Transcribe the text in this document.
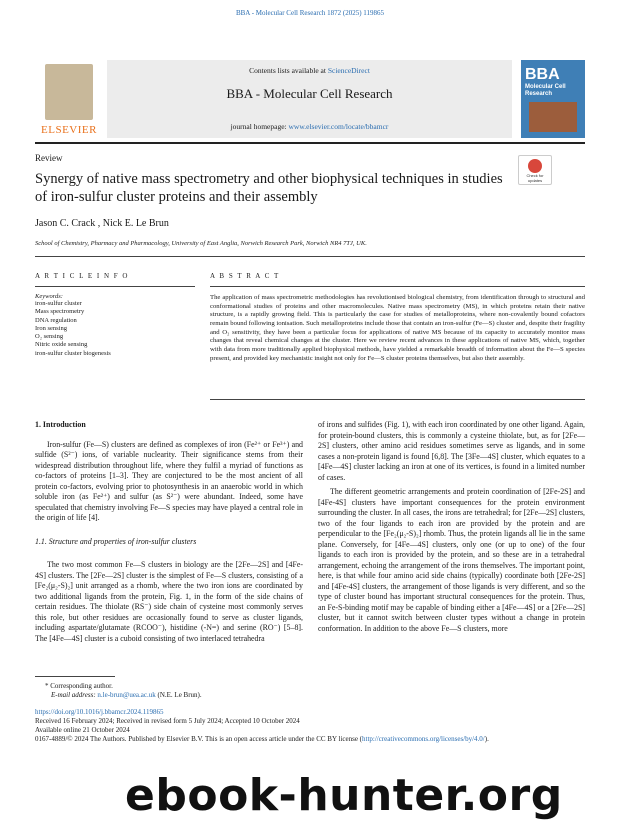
BBA - Molecular Cell Research 1872 (2025) 119865
ELSEVIER
Contents lists available at ScienceDirect
BBA - Molecular Cell Research
journal homepage: www.elsevier.com/locate/bbamcr
BBA
Molecular Cell Research
Review
Check for updates
Synergy of native mass spectrometry and other biophysical techniques in studies of iron-sulfur cluster proteins and their assembly
Jason C. Crack , Nick E. Le Brun
School of Chemistry, Pharmacy and Pharmacology, University of East Anglia, Norwich Research Park, Norwich NR4 7TJ, UK.
A R T I C L E I N F O
Keywords:
iron-sulfur cluster
Mass spectrometry
DNA regulation
Iron sensing
O₂ sensing
Nitric oxide sensing
iron-sulfur cluster biogenesis
A B S T R A C T
The application of mass spectrometric methodologies has revolutionised biological chemistry, from identification through to structural and conformational studies of proteins and other macromolecules. Native mass spectrometry (MS), in which proteins retain their native structure, is a rapidly growing field. This is particularly the case for studies of metalloproteins, where non-covalently bound cofactors remain bound following ionisation. Such metalloproteins include those that contain an iron-sulfur (Fe—S) cluster and, despite their fragility and O₂ sensitivity, they have been a particular focus for applications of native MS because of its capacity to accurately monitor mass changes that reveal chemical changes at the cluster. Here we review recent advances in these applications of native MS, which, together with data from more traditionally applied biophysical methods, have yielded a remarkable breadth of information about the Fe—S species present, and provided key mechanistic insight not only for Fe—S cluster proteins themselves, but also their assembly.
1. Introduction

Iron-sulfur (Fe—S) clusters are defined as complexes of iron (Fe²⁺ or Fe³⁺) and sulfide (S²⁻) ions, of variable nuclearity. Their significance stems from their widespread distribution throughout life, where they fulfil a myriad of functions as co-factors of proteins [1–3]. They are conjectured to be the most ancient of all protein co-factors, evolving prior to photosynthesis in an anaerobic world in which soluble iron (as Fe²⁺) and sulfur (as S²⁻) were abundant. Indeed, some have speculated that chemistry involving Fe—S species may have played a central role in the origin of life [4].

1.1. Structure and properties of iron-sulfur clusters

The two most common Fe—S clusters in biology are the [2Fe—2S] and [4Fe-4S] clusters. The [2Fe—2S] cluster is the simplest of Fe—S clusters, consisting of a [Fe₂(μ₂-S)₂] unit arranged as a rhomb, where the two iron ions are coordinated by two additional ligands from the protein, Fig. 1, in the form of the side chains of certain residues. The thiolate (RS⁻) side chain of cysteine most commonly serves this role, but other residues are occasionally found to serve as cluster ligands, including aspartate/glutamate (RCOO⁻), histidine (-N=) and serine (RO⁻) [5–8]. The [4Fe—4S] cluster is a cuboid consisting of two interlaced tetrahedra

of irons and sulfides (Fig. 1), with each iron coordinated by one other ligand. Again, for protein-bound clusters, this is commonly a cysteine thiolate, but, as for [2Fe—2S] clusters, other amino acid residues sometimes serve as ligands, and in some cases a non-protein ligand is found [6,8]. The [3Fe—4S] cluster, which equates to a [4Fe—4S] cluster lacking an iron at one of its vertices, is found in a limited number of cases.

The different geometric arrangements and protein coordination of [2Fe-2S] and [4Fe-4S] clusters have important consequences for the protein environment surrounding the cluster. In all cases, the irons are tetrahedral; for [2Fe—2S] clusters, two of the four ligands to each iron are provided by the protein and are perpendicular to the [Fe₂(μ₂-S)₂] rhomb. Thus, the protein ligands all lie in the same plane. Conversely, for [4Fe—4S] clusters, only one (or up to one) of the four ligands to each iron is provided by the protein, and so these are in a tetrahedral arrangement, echoing the arrangement of the irons themselves. The important point, here, is that while four amino acid side chains (typically) coordinate both [2Fe-2S] and [4Fe-4S] clusters, the arrangement of those ligands is very different, and so the type of cluster bound has important structural consequences for the protein. Thus, an Fe-S-binding motif may be capable of binding either a [4Fe—4S] or a [2Fe—2S] cluster, but it cannot switch between cluster types without a change in protein conformation. In addition to the above Fe—S clusters, more

* Corresponding author.
E-mail address: n.le-brun@uea.ac.uk (N.E. Le Brun).
https://doi.org/10.1016/j.bbamcr.2024.119865
Received 16 February 2024; Received in revised form 5 July 2024; Accepted 10 October 2024
Available online 21 October 2024
0167-4889/© 2024 The Authors. Published by Elsevier B.V. This is an open access article under the CC BY license (http://creativecommons.org/licenses/by/4.0/).
ebook-hunter.org
